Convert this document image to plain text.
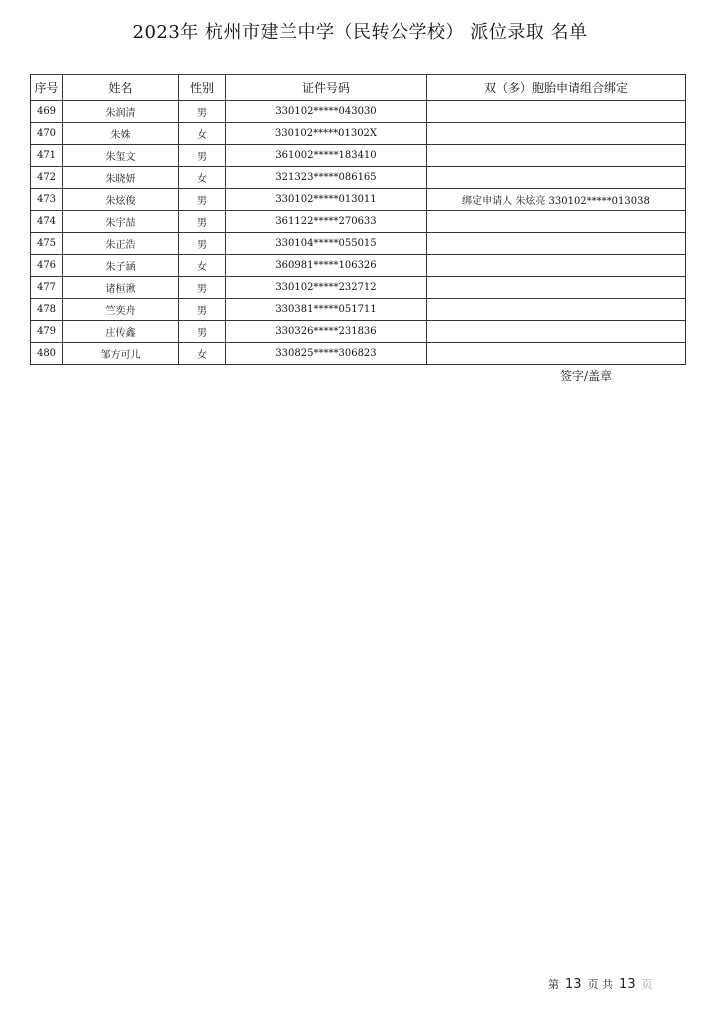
2023年 杭州市建兰中学（民转公学校） 派位录取 名单
序号	姓名	性别	证件号码	双（多）胞胎申请组合绑定
469	朱润清	男	330102*****043030	
470	朱姝	女	330102*****01302X	
471	朱玺文	男	361002*****183410	
472	朱晓妍	女	321323*****086165	
473	朱炫俊	男	330102*****013011	绑定申请人 朱炫亮 330102*****013038
474	朱宇喆	男	361122*****270633	
475	朱正浩	男	330104*****055015	
476	朱子涵	女	360981*****106326	
477	诸桓湫	男	330102*****232712	
478	竺奕舟	男	330381*****051711	
479	庄传鑫	男	330326*****231836	
480	邹方可儿	女	330825*****306823	
签字/盖章
第 13 页 共 13 页
